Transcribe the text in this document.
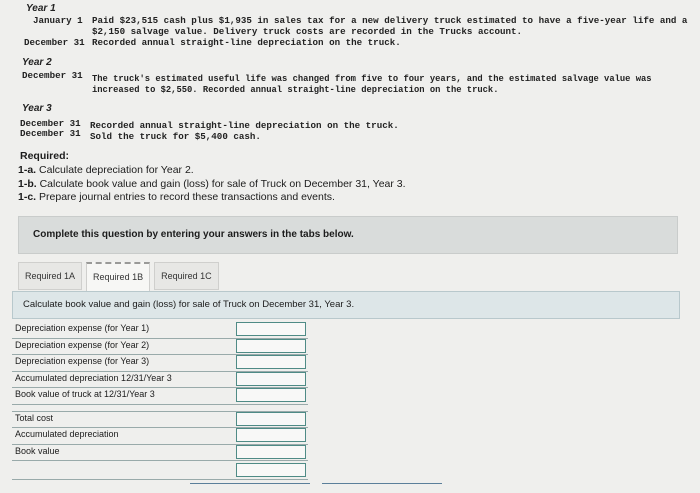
Year 1
January 1 Paid $23,515 cash plus $1,935 in sales tax for a new delivery truck estimated to have a five-year life and a
$2,150 salvage value. Delivery truck costs are recorded in the Trucks account.
December 31 Recorded annual straight-line depreciation on the truck.
Year 2
December 31 The truck's estimated useful life was changed from five to four years, and the estimated salvage value was
increased to $2,550. Recorded annual straight-line depreciation on the truck.
Year 3
December 31 Recorded annual straight-line depreciation on the truck.
December 31 Sold the truck for $5,400 cash.
Required:
1-a. Calculate depreciation for Year 2.
1-b. Calculate book value and gain (loss) for sale of Truck on December 31, Year 3.
1-c. Prepare journal entries to record these transactions and events.
Complete this question by entering your answers in the tabs below.
Required 1A	Required 1B	Required 1C
Calculate book value and gain (loss) for sale of Truck on December 31, Year 3.
Depreciation expense (for Year 1)
Depreciation expense (for Year 2)
Depreciation expense (for Year 3)
Accumulated depreciation 12/31/Year 3
Book value of truck at 12/31/Year 3
Total cost
Accumulated depreciation
Book value
